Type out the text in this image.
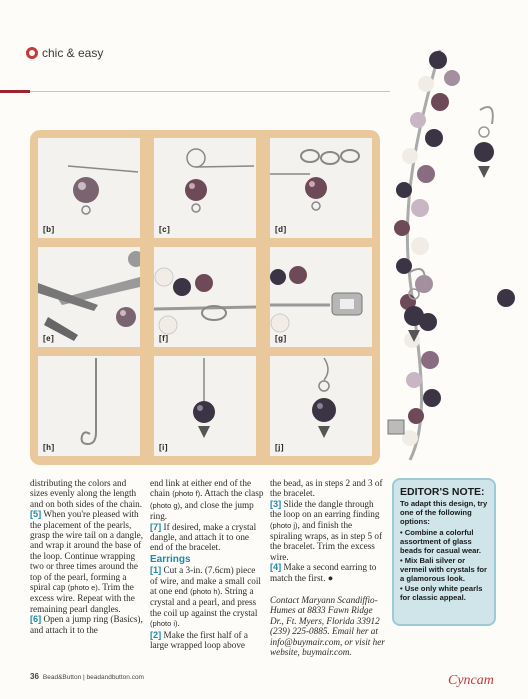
chic & easy
[b]	[c]	[d]
[e]	[f]	[g]
[h]	[i]	[j]

distributing the colors and sizes evenly along the length and on both sides of the chain.

[5] When you're pleased with the placement of the pearls, grasp the wire tail on a dangle, and wrap it around the base of the loop. Continue wrapping two or three times around the top of the pearl, forming a spiral cap (photo e). Trim the excess wire. Repeat with the remaining pearl dangles.

[6] Open a jump ring (Basics), and attach it to the

end link at either end of the chain (photo f). Attach the clasp (photo g), and close the jump ring.

[7] If desired, make a crystal dangle, and attach it to one end of the bracelet.

Earrings

[1] Cut a 3-in. (7.6cm) piece of wire, and make a small coil at one end (photo h). String a crystal and a pearl, and press the coil up against the crystal (photo i).

[2] Make the first half of a large wrapped loop above

the bead, as in steps 2 and 3 of the bracelet.

[3] Slide the dangle through the loop on an earring finding (photo j), and finish the spiraling wraps, as in step 5 of the bracelet. Trim the excess wire.

[4] Make a second earring to match the first. ●

Contact Maryann Scandiffio-Humes at 8833 Fawn Ridge Dr., Ft. Myers, Florida 33912 (239) 225-0885. Email her at info@buymair.com, or visit her website, buymair.com.

EDITOR'S NOTE:
To adapt this design, try one of the following options:
• Combine a colorful assortment of glass beads for casual wear.
• Mix Bali silver or vermeil with crystals for a glamorous look.
• Use only white pearls for classic appeal.
36 Bead&Button | beadandbutton.com	Cyncam
